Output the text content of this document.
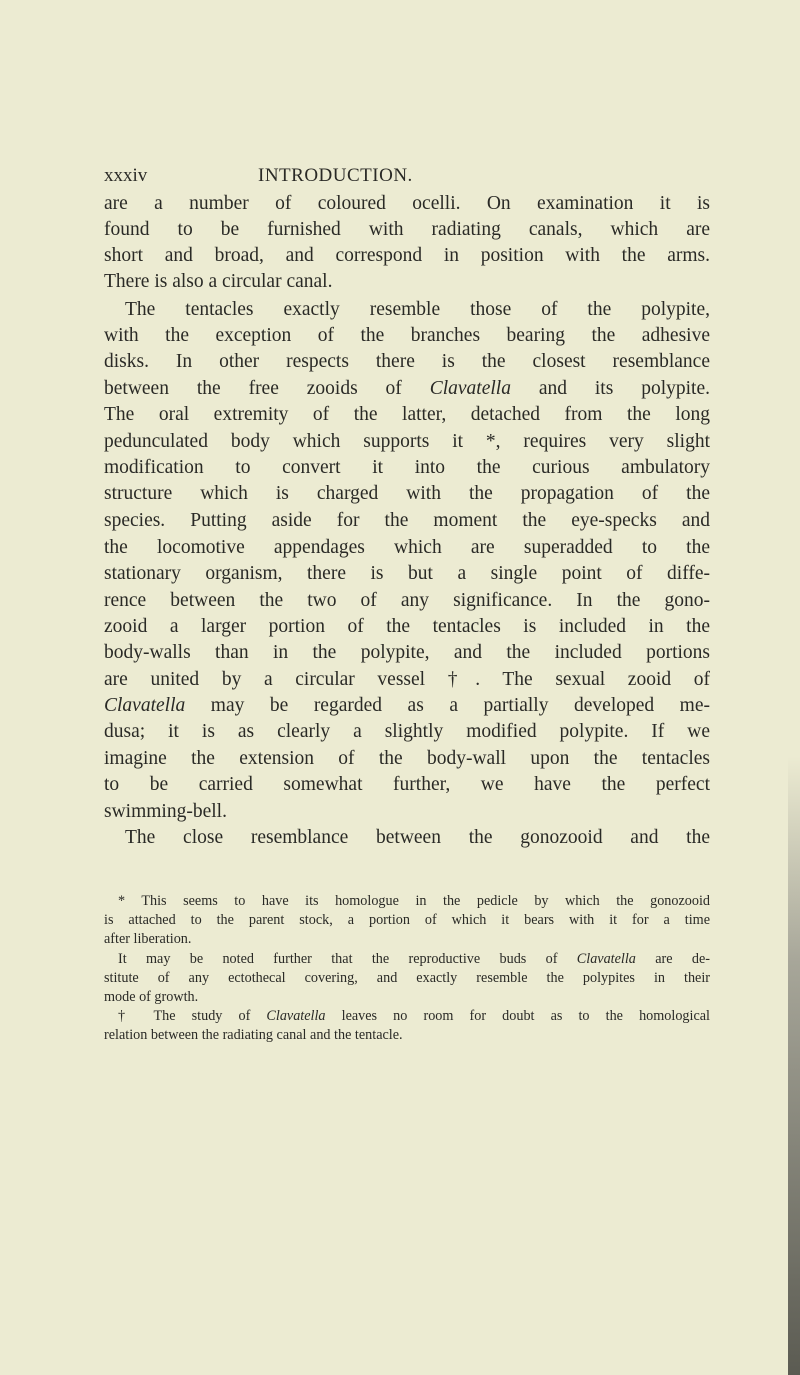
xxxiv	INTRODUCTION.
are a number of coloured ocelli. On examination it is
found to be furnished with radiating canals, which are
short and broad, and correspond in position with the arms.
There is also a circular canal.
The tentacles exactly resemble those of the polypite,
with the exception of the branches bearing the adhesive
disks. In other respects there is the closest resemblance
between the free zooids of Clavatella and its polypite.
The oral extremity of the latter, detached from the long
pedunculated body which supports it *, requires very slight
modification to convert it into the curious ambulatory
structure which is charged with the propagation of the
species. Putting aside for the moment the eye-specks and
the locomotive appendages which are superadded to the
stationary organism, there is but a single point of diffe-
rence between the two of any significance. In the gono-
zooid a larger portion of the tentacles is included in the
body-walls than in the polypite, and the included portions
are united by a circular vessel †. The sexual zooid of
Clavatella may be regarded as a partially developed me-
dusa; it is as clearly a slightly modified polypite. If we
imagine the extension of the body-wall upon the tentacles
to be carried somewhat further, we have the perfect
swimming-bell.
The close resemblance between the gonozooid and the
* This seems to have its homologue in the pedicle by which the gonozooid
is attached to the parent stock, a portion of which it bears with it for a time
after liberation.
It may be noted further that the reproductive buds of Clavatella are de-
stitute of any ectothecal covering, and exactly resemble the polypites in their
mode of growth.
† The study of Clavatella leaves no room for doubt as to the homological
relation between the radiating canal and the tentacle.
